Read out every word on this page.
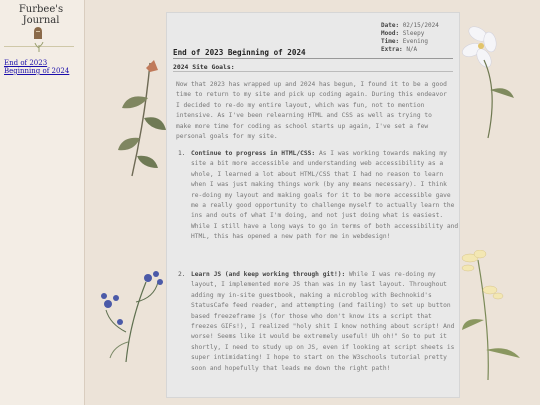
Furbee's
Journal
End of 2023
Beginning of 2024
Date: 02/15/2024
Mood: Sleepy
Time: Evening
Extra: N/A
End of 2023 Beginning of 2024
2024 Site Goals:
Now that 2023 has wrapped up and 2024 has begun, I found it to be a good time to return to my site and pick up coding again. During this endeavor I decided to re-do my entire layout, which was fun, not to mention intensive. As I've been relearning HTML and CSS as well as trying to make more time for coding as school starts up again, I've set a few personal goals for my site.
1. Continue to progress in HTML/CSS: As I was working towards making my site a bit more accessible and understanding web accessibility as a whole, I learned a lot about HTML/CSS that I had no reason to learn when I was just making things work (by any means necessary). I think re-doing my layout and making goals for it to be more accessible gave me a really good opportunity to challenge myself to actually learn the ins and outs of what I'm doing, and not just doing what is easiest. While I still have a long ways to go in terms of both accessibility and HTML, this has opened a new path for me in webdesign!
2. Learn JS (and keep working through git!): While I was re-doing my layout, I implemented more JS than was in my last layout. Throughout adding my in-site guestbook, making a microblog with Bechnokid's StatusCafe feed reader, and attempting (and failing) to set up button based freezeframe js (for those who don't know its a script that freezes GIFs!), I realized "holy shit I know nothing about script! And worse! Seems like it would be extremely useful! Uh oh!" So to put it shortly, I need to study up on JS, even if looking at script sheets is super intimidating! I hope to start on the W3schools tutorial pretty soon and hopefully that leads me down the right path!
